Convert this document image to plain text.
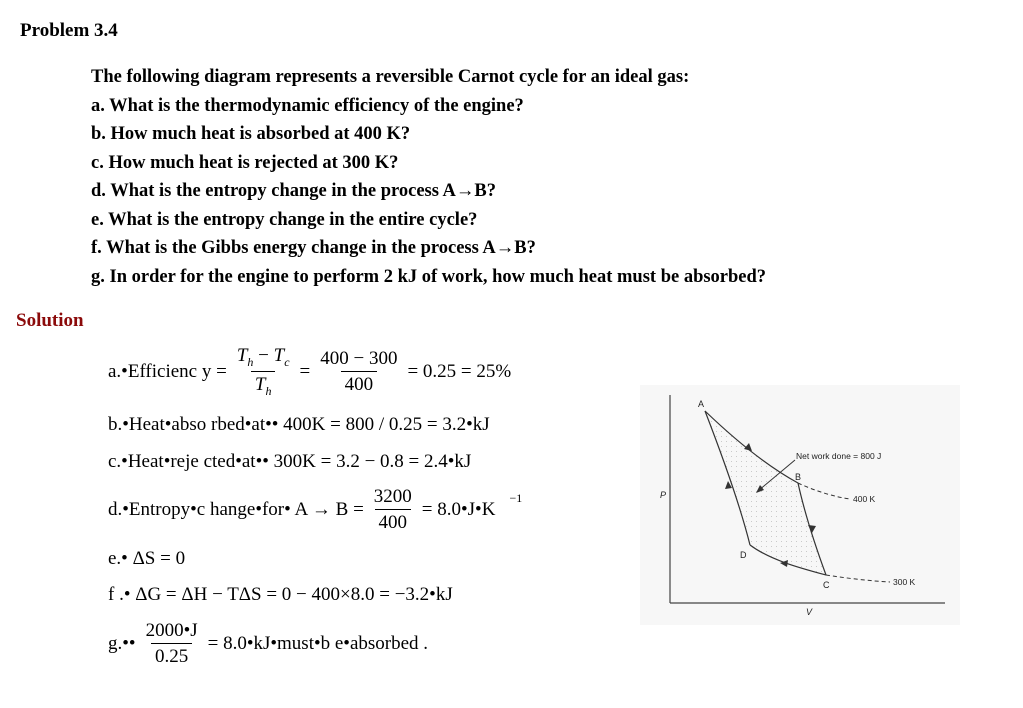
Problem 3.4
The following diagram represents a reversible Carnot cycle for an ideal gas:
a. What is the thermodynamic efficiency of the engine?
b. How much heat is absorbed at 400 K?
c. How much heat is rejected at 300 K?
d. What is the entropy change in the process A→B?
e. What is the entropy change in the entire cycle?
f. What is the Gibbs energy change in the process A→B?
g. In order for the engine to perform 2 kJ of work, how much heat must be absorbed?
Solution
a.•Efficienc $y = \frac{T_h - T_c}{T_h} = \frac{400 - 300}{400} = 0.25 = 25\%$
b.•Heat•abso rbed•at•• 400K = 800 / 0.25 = 3.2•kJ
c.•Heat•reje cted•at•• 300K = 3.2 − 0.8 = 2.4•kJ
d.•Entropy•c hange•for• $A \to B = \frac{3200}{400}$ = 8.0•J•K
$^{-1}$
e.• ΔS = 0
f .• ΔG = ΔH − TΔS = 0 − 400×8.0 = −3.2•kJ
g.•• $\frac{2000•J}{0.25}$ = 8.0•kJ•must•b e•absorbed .
A
B
C
D
Net work done = 800 J
400 K
300 K
P
V
